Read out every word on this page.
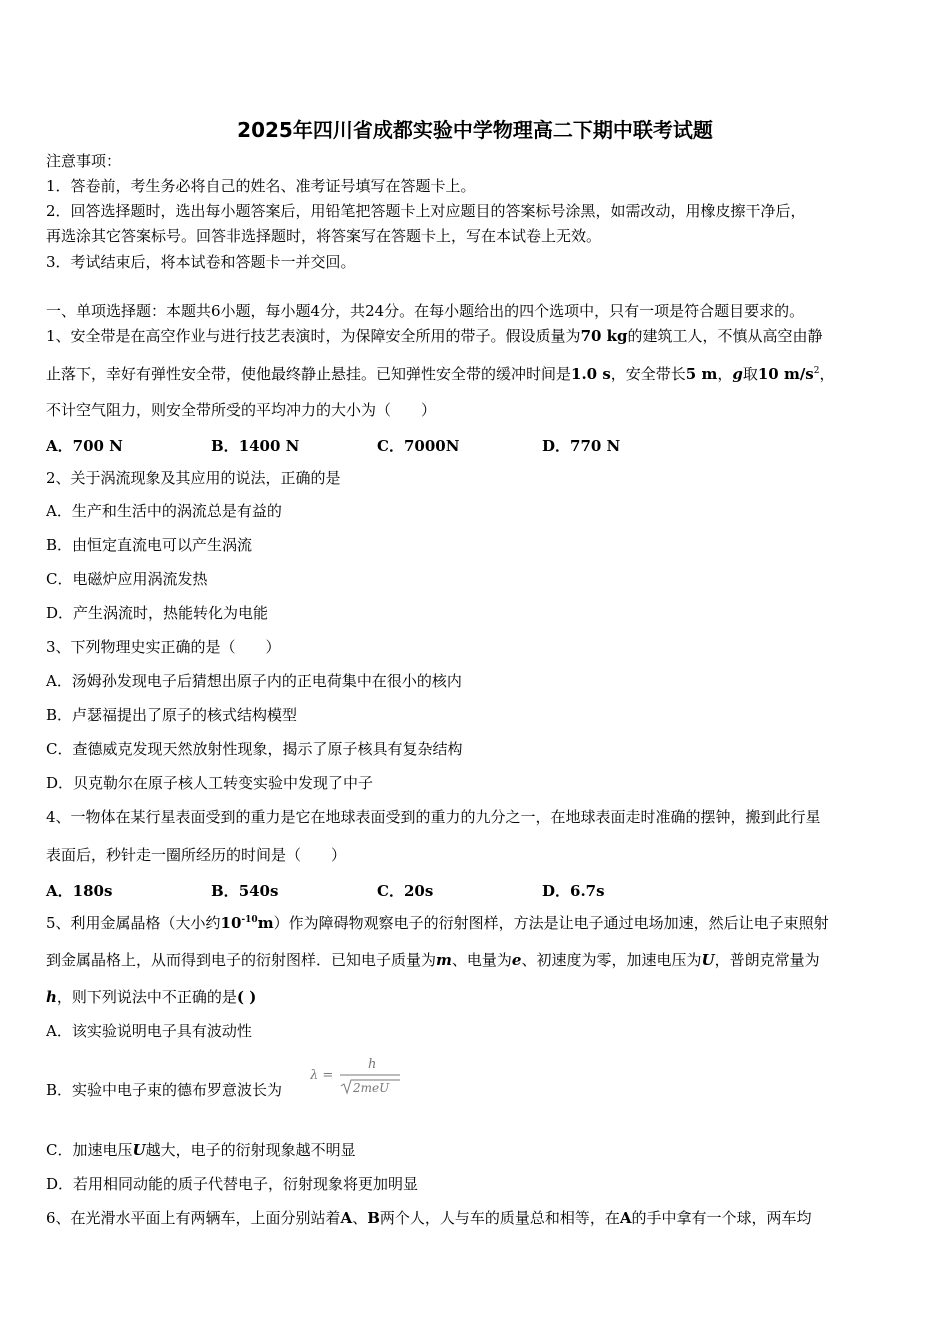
2025年四川省成都实验中学物理高二下期中联考试题
注意事项：
1．答卷前，考生务必将自己的姓名、准考证号填写在答题卡上。
2．回答选择题时，选出每小题答案后，用铅笔把答题卡上对应题目的答案标号涂黑，如需改动，用橡皮擦干净后，
再选涂其它答案标号。回答非选择题时，将答案写在答题卡上，写在本试卷上无效。
3．考试结束后，将本试卷和答题卡一并交回。
一、单项选择题：本题共6小题，每小题4分，共24分。在每小题给出的四个选项中，只有一项是符合题目要求的。
1、安全带是在高空作业与进行技艺表演时，为保障安全所用的带子。假设质量为70 kg的建筑工人，不慎从高空由静
止落下，幸好有弹性安全带，使他最终静止悬挂。已知弹性安全带的缓冲时间是1.0 s，安全带长5 m，g取10 $m/s^2$，
不计空气阻力，则安全带所受的平均冲力的大小为（　　）
A．700 N	B．1400 N	C．7000N	D．770 N
2、关于涡流现象及其应用的说法，正确的是
A．生产和生活中的涡流总是有益的
B．由恒定直流电可以产生涡流
C．电磁炉应用涡流发热
D．产生涡流时，热能转化为电能
3、下列物理史实正确的是（　　）
A．汤姆孙发现电子后猜想出原子内的正电荷集中在很小的核内
B．卢瑟福提出了原子的核式结构模型
C．查德威克发现天然放射性现象，揭示了原子核具有复杂结构
D．贝克勒尔在原子核人工转变实验中发现了中子
4、一物体在某行星表面受到的重力是它在地球表面受到的重力的九分之一，在地球表面走时准确的摆钟，搬到此行星
表面后，秒针走一圈所经历的时间是（　　）
A．180s	B．540s	C．20s	D．6.7s
5、利用金属晶格（大小约$10^{-10}m$）作为障碍物观察电子的衍射图样，方法是让电子通过电场加速，然后让电子束照射
到金属晶格上，从而得到电子的衍射图样．已知电子质量为m、电量为e、初速度为零，加速电压为U，普朗克常量为
h，则下列说法中不正确的是( )
A．该实验说明电子具有波动性
B．实验中电子束的德布罗意波长为
λ =
h
2meU
C．加速电压U越大，电子的衍射现象越不明显
D．若用相同动能的质子代替电子，衍射现象将更加明显
6、在光滑水平面上有两辆车，上面分别站着A、B两个人，人与车的质量总和相等，在A的手中拿有一个球，两车均
